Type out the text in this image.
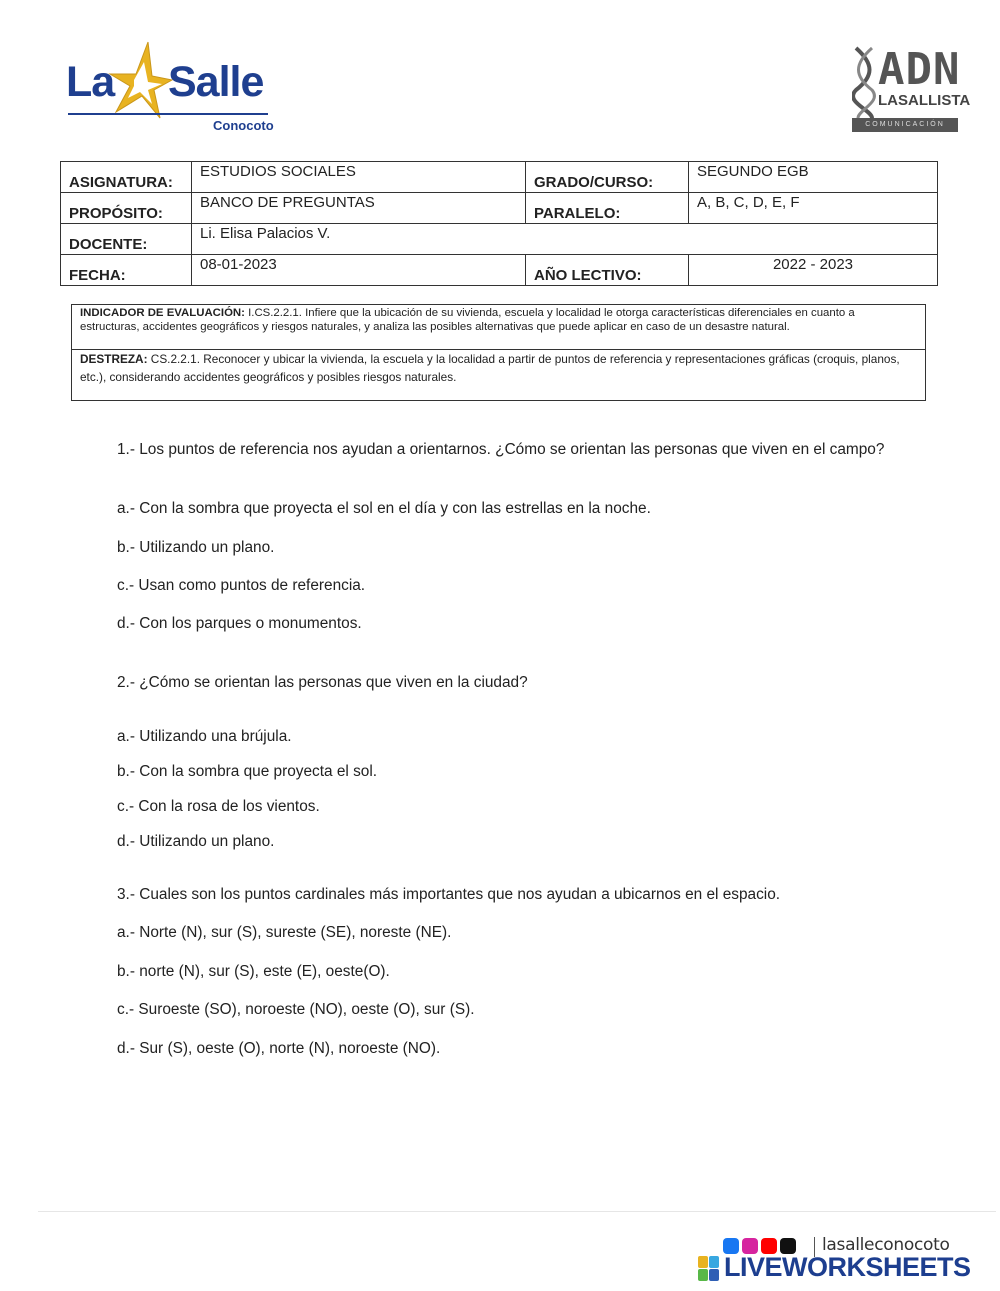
La Salle
Conocoto
ADN
LASALLISTA
COMUNICACIÓN
ASIGNATURA:	ESTUDIOS SOCIALES	GRADO/CURSO:	SEGUNDO EGB
PROPÓSITO:	BANCO DE PREGUNTAS	PARALELO:	A, B, C, D, E, F
DOCENTE:	Li. Elisa Palacios V.		
FECHA:	08-01-2023	AÑO LECTIVO:	2022 - 2023
INDICADOR DE EVALUACIÓN: I.CS.2.2.1. Infiere que la ubicación de su vivienda, escuela y localidad le otorga características diferenciales en cuanto a estructuras, accidentes geográficos y riesgos naturales, y analiza las posibles alternativas que puede aplicar en caso de un desastre natural.
DESTREZA: CS.2.2.1. Reconocer y ubicar la vivienda, la escuela y la localidad a partir de puntos de referencia y representaciones gráficas (croquis, planos, etc.), considerando accidentes geográficos y posibles riesgos naturales.
1.- Los puntos de referencia nos ayudan a orientarnos. ¿Cómo se orientan las personas que viven en el campo?
a.- Con la sombra que proyecta el sol en el día y con las estrellas en la noche.
b.- Utilizando un plano.
c.- Usan como puntos de referencia.
d.- Con los parques o monumentos.
2.- ¿Cómo se orientan las personas que viven en la ciudad?
a.- Utilizando una brújula.
b.- Con la sombra que proyecta el sol.
c.- Con la rosa de los vientos.
d.- Utilizando un plano.
3.- Cuales son los puntos cardinales más importantes que nos ayudan a ubicarnos en el espacio.
a.- Norte (N), sur (S), sureste (SE), noreste (NE).
b.- norte (N), sur (S), este (E), oeste(O).
c.- Suroeste (SO), noroeste (NO), oeste (O), sur (S).
d.- Sur (S), oeste (O), norte (N), noroeste (NO).
lasalleconocoto
LIVEWORKSHEETS
